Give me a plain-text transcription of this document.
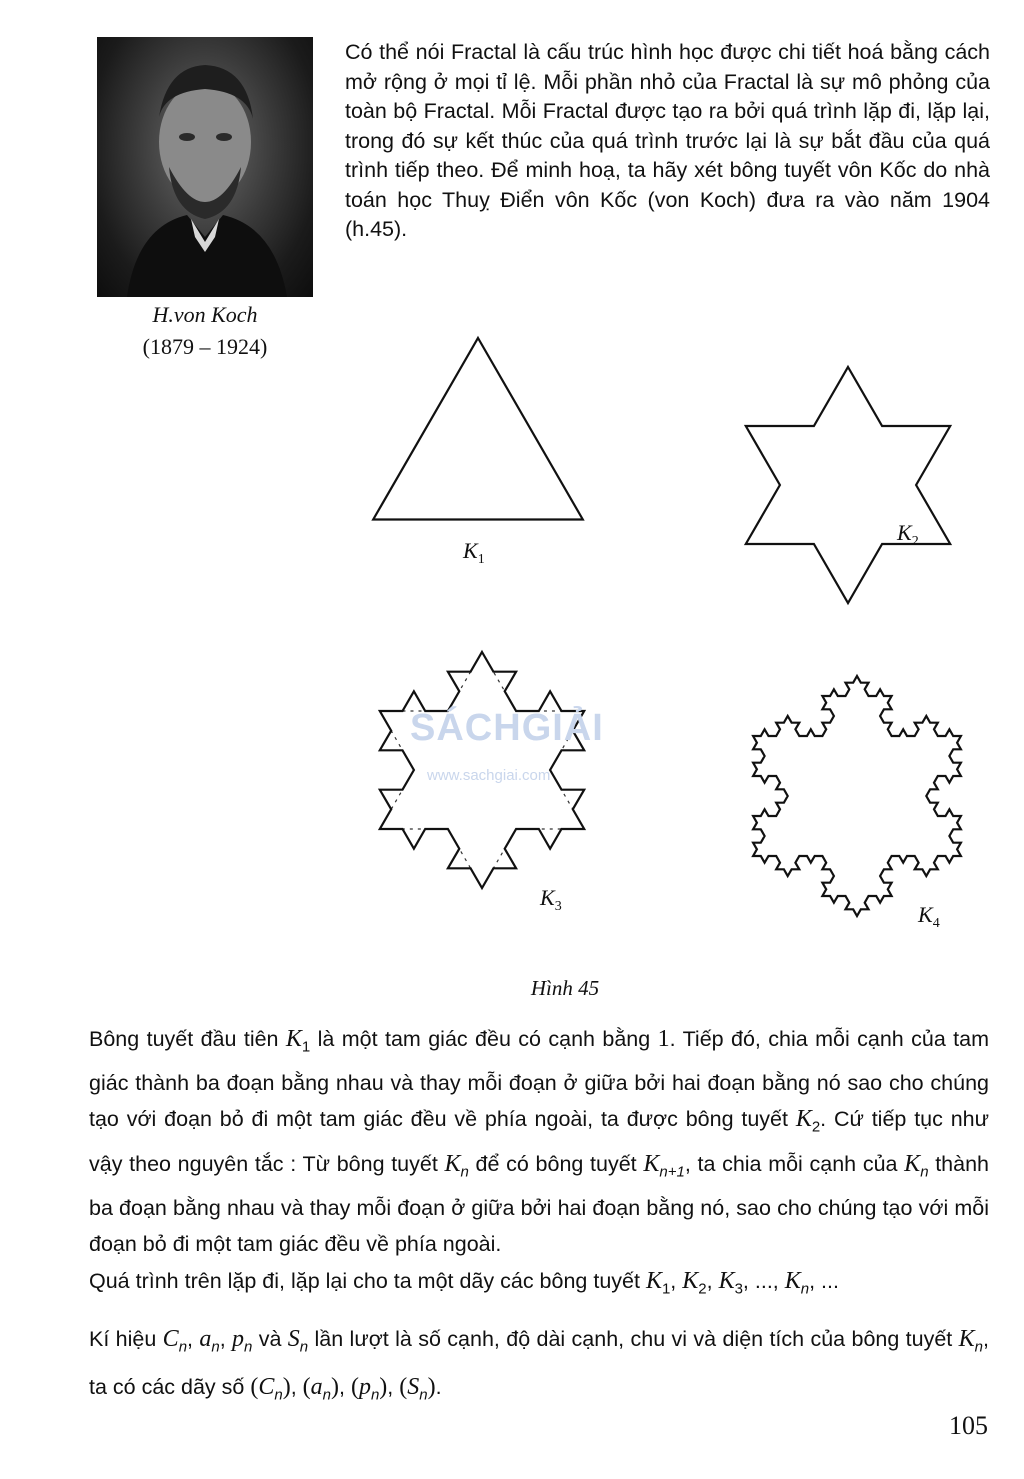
H.von Koch
(1879 – 1924)

Có thể nói Fractal là cấu trúc hình học được chi tiết hoá bằng cách mở rộng ở mọi tỉ lệ. Mỗi phần nhỏ của Fractal là sự mô phỏng của toàn bộ Fractal. Mỗi Fractal được tạo ra bởi quá trình lặp đi, lặp lại, trong đó sự kết thúc của quá trình trước lại là sự bắt đầu của quá trình tiếp theo. Để minh hoạ, ta hãy xét bông tuyết vôn Kốc do nhà toán học Thuỵ Điển vôn Kốc (von Koch) đưa ra vào năm 1904 (h.45).

SÁCHGIẢI
www.sachgiai.com
$K_1$
$K_2$
$K_3$	$K_4$
Hình 45

Bông tuyết đầu tiên $K_1$ là một tam giác đều có cạnh bằng 1. Tiếp đó, chia mỗi cạnh của tam giác thành ba đoạn bằng nhau và thay mỗi đoạn ở giữa bởi hai đoạn bằng nó sao cho chúng tạo với đoạn bỏ đi một tam giác đều về phía ngoài, ta được bông tuyết $K_2$. Cứ tiếp tục như vậy theo nguyên tắc : Từ bông tuyết $K_n$ để có bông tuyết $K_{n+1}$, ta chia mỗi cạnh của $K_n$ thành ba đoạn bằng nhau và thay mỗi đoạn ở giữa bởi hai đoạn bằng nó, sao cho chúng tạo với mỗi đoạn bỏ đi một tam giác đều về phía ngoài.

Quá trình trên lặp đi, lặp lại cho ta một dãy các bông tuyết $K_1$, $K_2$, $K_3$, ..., $K_n$, ...

Kí hiệu $C_n$, $a_n$, $p_n$ và $S_n$ lần lượt là số cạnh, độ dài cạnh, chu vi và diện tích của bông tuyết $K_n$, ta có các dãy số $(C_n)$, $(a_n)$, $(p_n)$, $(S_n)$.

105
